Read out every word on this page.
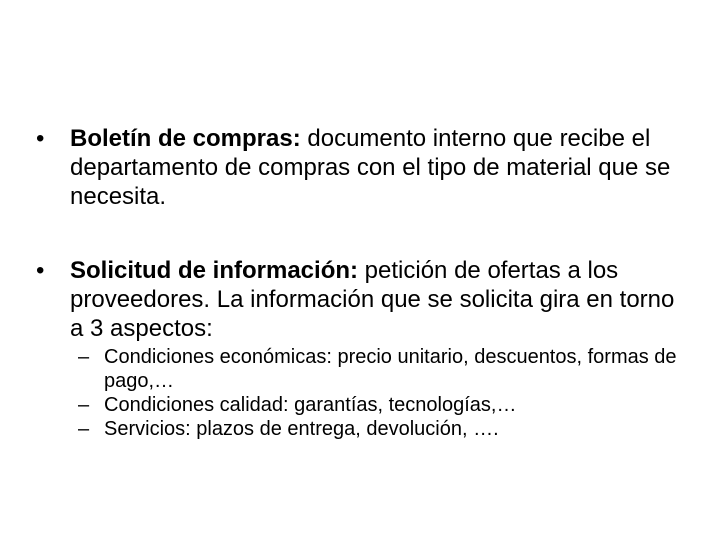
•	Boletín de compras: documento interno que recibe el departamento de compras con el tipo de material que se necesita.
•	Solicitud de información: petición de ofertas a los proveedores. La información que se solicita gira en torno a 3 aspectos:
– Condiciones económicas: precio unitario, descuentos, formas de pago,…
– Condiciones calidad: garantías, tecnologías,…
– Servicios: plazos de entrega, devolución, ….
